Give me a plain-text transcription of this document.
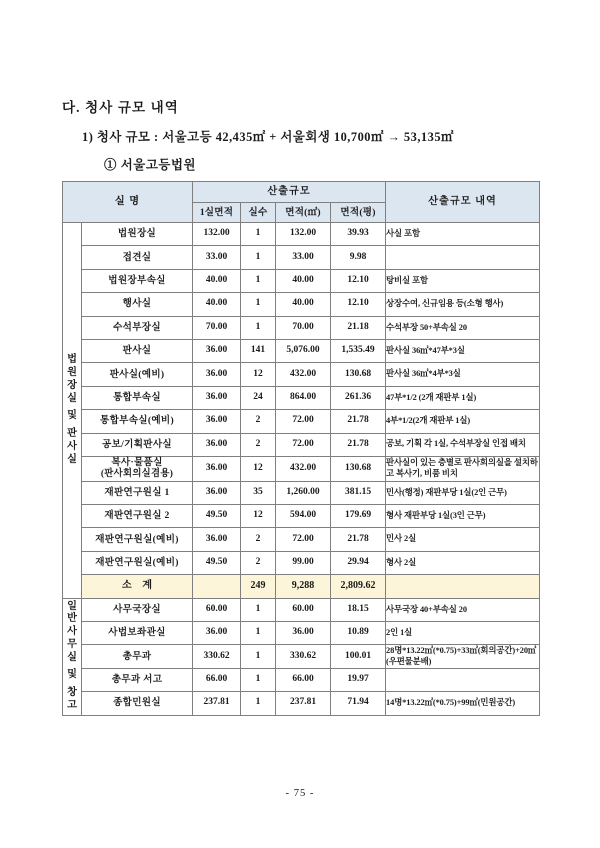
다. 청사 규모 내역
1) 청사 규모 : 서울고등 42,435㎡ + 서울회생 10,700㎡ → 53,135㎡
① 서울고등법원
실 명		산출규모				산출규모 내역
		1실면적	실수	면적(㎡)	면적(평)	

법
원
장
실
및
판
사
실
	법원장실	132.00	1	132.00	39.93	사실 포함
	접견실	33.00	1	33.00	9.98	
	법원장부속실	40.00	1	40.00	12.10	탕비실 포함
	행사실	40.00	1	40.00	12.10	상장수여, 신규임용 등(소형 행사)
	수석부장실	70.00	1	70.00	21.18	수석부장 50+부속실 20
	판사실	36.00	141	5,076.00	1,535.49	판사실 36㎡*47부*3실
	판사실(예비)	36.00	12	432.00	130.68	판사실 36㎡*4부*3실
	통합부속실	36.00	24	864.00	261.36	47부*1/2 (2개 재판부 1실)
	통합부속실(예비)	36.00	2	72.00	21.78	4부*1/2(2개 재판부 1실)
	공보/기획판사실	36.00	2	72.00	21.78	공보, 기획 각 1실, 수석부장실 인접 배치
	복사·물품실
(판사회의실겸용)	36.00	12	432.00	130.68	판사실이 있는 층별로 판사회의실을 설치하고 복사기, 비품 비치
	재판연구원실 1	36.00	35	1,260.00	381.15	민사(행정) 재판부당 1실(2인 근무)
	재판연구원실 2	49.50	12	594.00	179.69	형사 재판부당 1실(3인 근무)
	재판연구원실(예비)	36.00	2	72.00	21.78	민사 2실
	재판연구원실(예비)	49.50	2	99.00	29.94	형사 2실
	소 계		249	9,288	2,809.62	

일
반
사
무
실
및
창
고
	사무국장실	60.00	1	60.00	18.15	사무국장 40+부속실 20
	사법보좌관실	36.00	1	36.00	10.89	2인 1실
	총무과	330.62	1	330.62	100.01	28명*13.22㎡(*0.75)+33㎡(회의공간)+20㎡(우편물분배)
	총무과 서고	66.00	1	66.00	19.97	
	종합민원실	237.81	1	237.81	71.94	14명*13.22㎡(*0.75)+99㎡(민원공간)
- 75 -
